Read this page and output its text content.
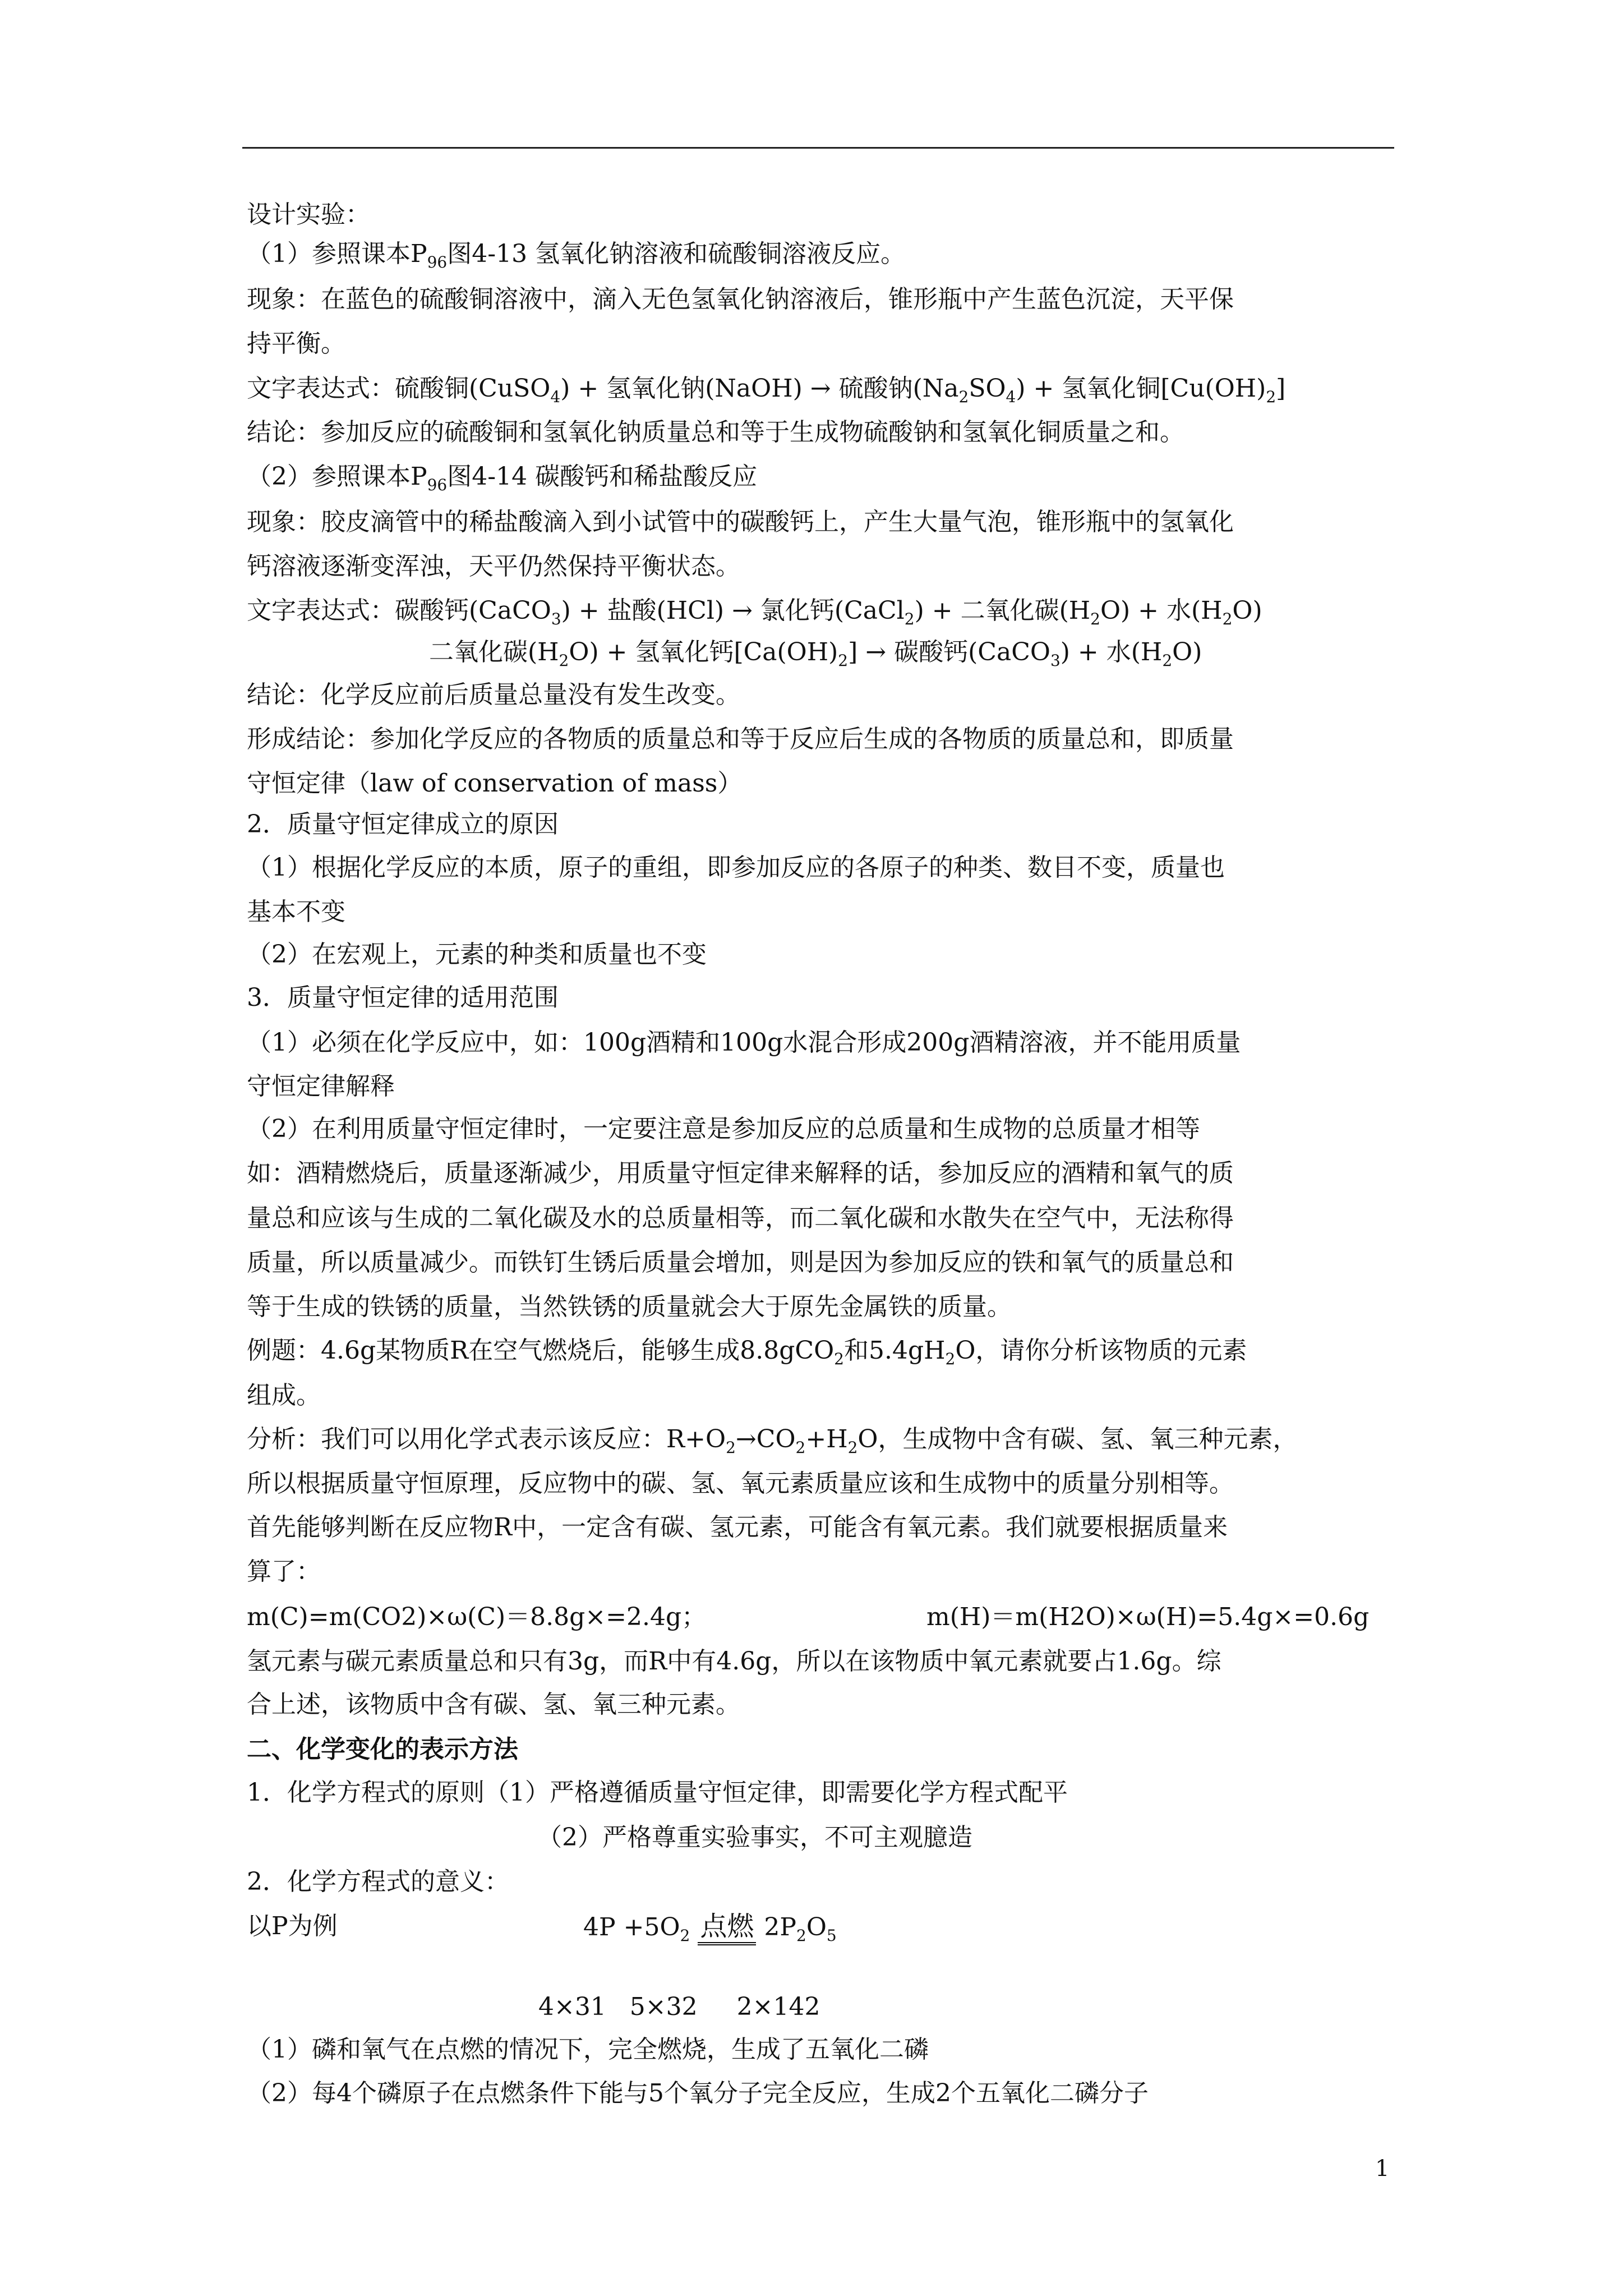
设计实验：
（1）参照课本$P_{96}$图4-13 氢氧化钠溶液和硫酸铜溶液反应。
现象：在蓝色的硫酸铜溶液中，滴入无色氢氧化钠溶液后，锥形瓶中产生蓝色沉淀，天平保
持平衡。
文字表达式：硫酸铜(CuSO$_4$) + 氢氧化钠(NaOH) → 硫酸钠$(Na_2SO_4)$ + 氢氧化铜$[Cu(OH)_2]$
结论：参加反应的硫酸铜和氢氧化钠质量总和等于生成物硫酸钠和氢氧化铜质量之和。
（2）参照课本$P_{96}$图4-14 碳酸钙和稀盐酸反应
现象：胶皮滴管中的稀盐酸滴入到小试管中的碳酸钙上，产生大量气泡，锥形瓶中的氢氧化
钙溶液逐渐变浑浊，天平仍然保持平衡状态。
文字表达式：碳酸钙(CaCO$_3$) + 盐酸(HCl) → 氯化钙(CaCl$_2$) + 二氧化碳$(H_2O)$ + 水$(H_2O)$
二氧化碳$(H_2O)$ + 氢氧化钙$[Ca(OH)_2]$ → 碳酸钙(CaCO$_3$) + 水$(H_2O)$
结论：化学反应前后质量总量没有发生改变。
形成结论：参加化学反应的各物质的质量总和等于反应后生成的各物质的质量总和，即质量
守恒定律（law of conservation of mass）
2．质量守恒定律成立的原因
（1）根据化学反应的本质，原子的重组，即参加反应的各原子的种类、数目不变，质量也
基本不变
（2）在宏观上，元素的种类和质量也不变
3．质量守恒定律的适用范围
（1）必须在化学反应中，如：100g酒精和100g水混合形成200g酒精溶液，并不能用质量
守恒定律解释
（2）在利用质量守恒定律时，一定要注意是参加反应的总质量和生成物的总质量才相等
如：酒精燃烧后，质量逐渐减少，用质量守恒定律来解释的话，参加反应的酒精和氧气的质
量总和应该与生成的二氧化碳及水的总质量相等，而二氧化碳和水散失在空气中，无法称得
质量，所以质量减少。而铁钉生锈后质量会增加，则是因为参加反应的铁和氧气的质量总和
等于生成的铁锈的质量，当然铁锈的质量就会大于原先金属铁的质量。
例题：4.6g某物质R在空气燃烧后，能够生成8.8gCO$_2$和$5.4gH_2O$，请你分析该物质的元素
组成。
分析：我们可以用化学式表示该反应：$R+O_2\to CO_2+H_2O$，生成物中含有碳、氢、氧三种元素，
所以根据质量守恒原理，反应物中的碳、氢、氧元素质量应该和生成物中的质量分别相等。
首先能够判断在反应物R中，一定含有碳、氢元素，可能含有氧元素。我们就要根据质量来
算了：
m(C)=m(CO2)×ω(C)＝8.8g×=2.4g；	m(H)＝m(H2O)×ω(H)=5.4g×=0.6g
氢元素与碳元素质量总和只有3g，而R中有4.6g，所以在该物质中氧元素就要占1.6g。综
合上述，该物质中含有碳、氢、氧三种元素。
二、化学变化的表示方法
1．化学方程式的原则（1）严格遵循质量守恒定律，即需要化学方程式配平
（2）严格尊重实验事实，不可主观臆造
2．化学方程式的意义：
以P为例	$4P +5O_2$ 点燃 $2P_2O_5$
4×31   5×32     2×142
（1）磷和氧气在点燃的情况下，完全燃烧，生成了五氧化二磷
（2）每4个磷原子在点燃条件下能与5个氧分子完全反应，生成2个五氧化二磷分子
1
